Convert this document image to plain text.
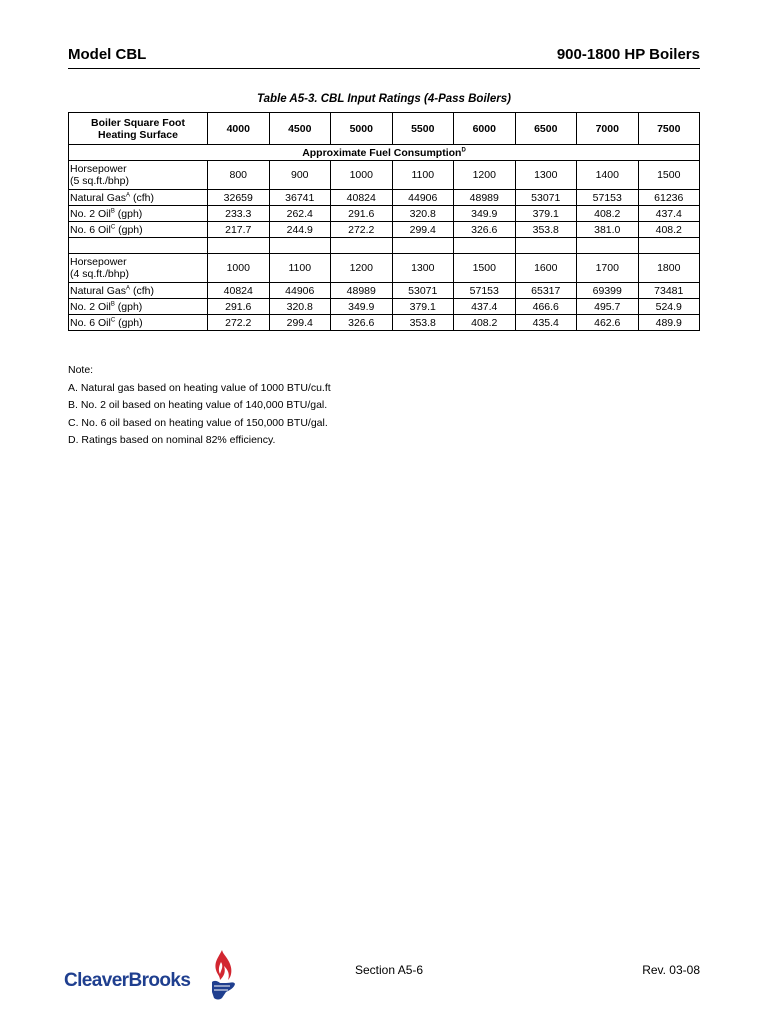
Model CBL	900-1800 HP Boilers
Table A5-3. CBL Input Ratings (4-Pass Boilers)
Boiler Square Foot Heating Surface	4000	4500	5000	5500	6000	6500	7000	7500
Approximate Fuel Consumption$^D$
Horsepower
(5 sq.ft./bhp)	800	900	1000	1100	1200	1300	1400	1500
Natural Gas$^A$ (cfh)	32659	36741	40824	44906	48989	53071	57153	61236
No. 2 Oil$^B$ (gph)	233.3	262.4	291.6	320.8	349.9	379.1	408.2	437.4
No. 6 Oil$^C$ (gph)	217.7	244.9	272.2	299.4	326.6	353.8	381.0	408.2

Horsepower
(4 sq.ft./bhp)	1000	1100	1200	1300	1500	1600	1700	1800
Natural Gas$^A$ (cfh)	40824	44906	48989	53071	57153	65317	69399	73481
No. 2 Oil$^B$ (gph)	291.6	320.8	349.9	379.1	437.4	466.6	495.7	524.9
No. 6 Oil$^C$ (gph)	272.2	299.4	326.6	353.8	408.2	435.4	462.6	489.9
Note:
A. Natural gas based on heating value of 1000 BTU/cu.ft
B. No. 2 oil based on heating value of 140,000 BTU/gal.
C. No. 6 oil based on heating value of 150,000 BTU/gal.
D. Ratings based on nominal 82% efficiency.
CleaverBrooks	Section A5-6	Rev. 03-08
